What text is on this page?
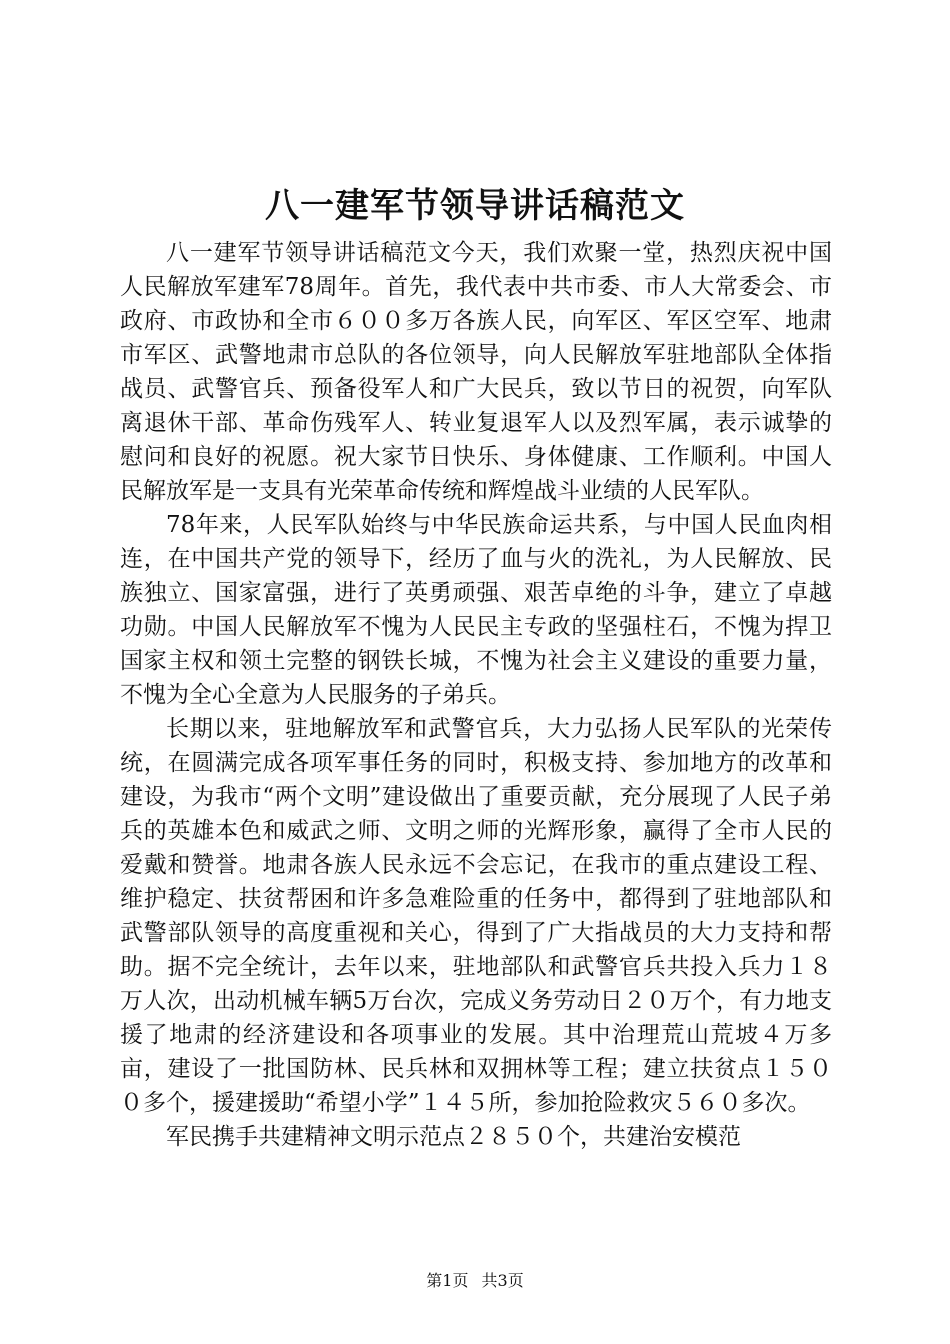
八一建军节领导讲话稿范文

八一建军节领导讲话稿范文今天，我们欢聚一堂，热烈庆祝中国人民解放军建军78周年。首先，我代表中共市委、市人大常委会、市政府、市政协和全市６００多万各族人民，向军区、军区空军、地肃市军区、武警地肃市总队的各位领导，向人民解放军驻地部队全体指战员、武警官兵、预备役军人和广大民兵，致以节日的祝贺，向军队离退休干部、革命伤残军人、转业复退军人以及烈军属，表示诚挚的慰问和良好的祝愿。祝大家节日快乐、身体健康、工作顺利。中国人民解放军是一支具有光荣革命传统和辉煌战斗业绩的人民军队。

78年来，人民军队始终与中华民族命运共系，与中国人民血肉相连，在中国共产党的领导下，经历了血与火的洗礼，为人民解放、民族独立、国家富强，进行了英勇顽强、艰苦卓绝的斗争，建立了卓越功勋。中国人民解放军不愧为人民民主专政的坚强柱石，不愧为捍卫国家主权和领土完整的钢铁长城，不愧为社会主义建设的重要力量，不愧为全心全意为人民服务的子弟兵。

长期以来，驻地解放军和武警官兵，大力弘扬人民军队的光荣传统，在圆满完成各项军事任务的同时，积极支持、参加地方的改革和建设，为我市“两个文明”建设做出了重要贡献，充分展现了人民子弟兵的英雄本色和威武之师、文明之师的光辉形象，赢得了全市人民的爱戴和赞誉。地肃各族人民永远不会忘记，在我市的重点建设工程、维护稳定、扶贫帮困和许多急难险重的任务中，都得到了驻地部队和武警部队领导的高度重视和关心，得到了广大指战员的大力支持和帮助。据不完全统计，去年以来，驻地部队和武警官兵共投入兵力１８万人次，出动机械车辆5万台次，完成义务劳动日２０万个，有力地支援了地肃的经济建设和各项事业的发展。其中治理荒山荒坡４万多亩，建设了一批国防林、民兵林和双拥林等工程；建立扶贫点１５００多个，援建援助“希望小学”１４５所，参加抢险救灾５６０多次。

军民携手共建精神文明示范点２８５０个，共建治安模范

第1页 共3页
